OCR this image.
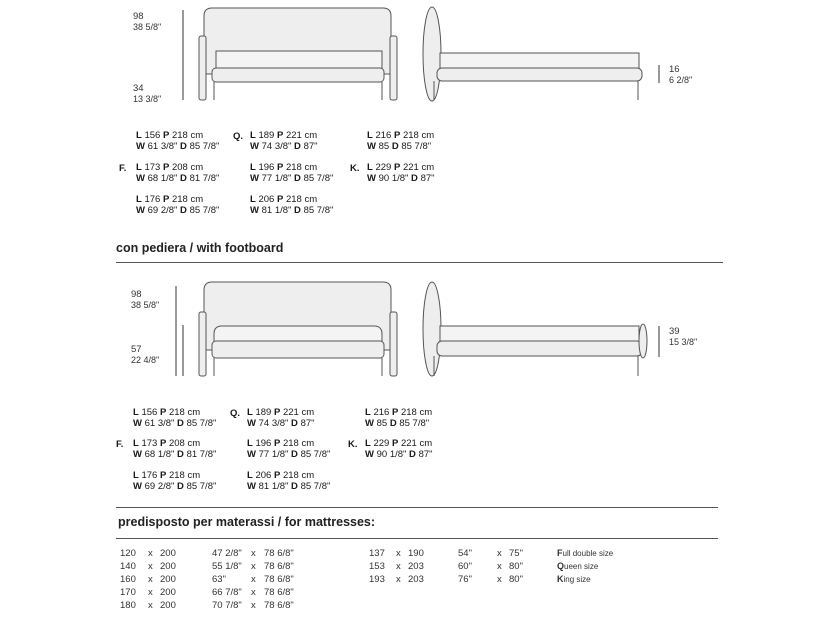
98
38 5/8"
34
13 3/8"
16
6 2/8"
L 156 P 218 cm
W 61 3/8" D 85 7/8"
L 173 P 208 cm
W 68 1/8" D 81 7/8"
F.
L 176 P 218 cm
W 69 2/8" D 85 7/8"
L 189 P 221 cm
W 74 3/8" D 87"
Q.
L 196 P 218 cm
W 77 1/8" D 85 7/8"
L 206 P 218 cm
W 81 1/8" D 85 7/8"
L 216 P 218 cm
W 85 D 85 7/8"
L 229 P 221 cm
W 90 1/8" D 87"
K.
con pediera / with footboard
98
38 5/8"
57
22 4/8"
39
15 3/8"
L 156 P 218 cm
W 61 3/8" D 85 7/8"
L 173 P 208 cm
W 68 1/8" D 81 7/8"
F.
L 176 P 218 cm
W 69 2/8" D 85 7/8"
L 189 P 221 cm
W 74 3/8" D 87"
Q.
L 196 P 218 cm
W 77 1/8" D 85 7/8"
L 206 P 218 cm
W 81 1/8" D 85 7/8"
L 216 P 218 cm
W 85 D 85 7/8"
L 229 P 221 cm
W 90 1/8" D 87"
K.
predisposto per materassi / for mattresses:
120 x 200	47 2/8" x 78 6/8"
140 x 200	55 1/8" x 78 6/8"
160 x 200	63"	x 78 6/8"
170 x 200	66 7/8" x 78 6/8"
180 x 200	70 7/8" x 78 6/8"
137 x 190	54"	x 75"	Full double size
153 x 203	60"	x 80"	Queen size
193 x 203	76"	x 80"	King size
